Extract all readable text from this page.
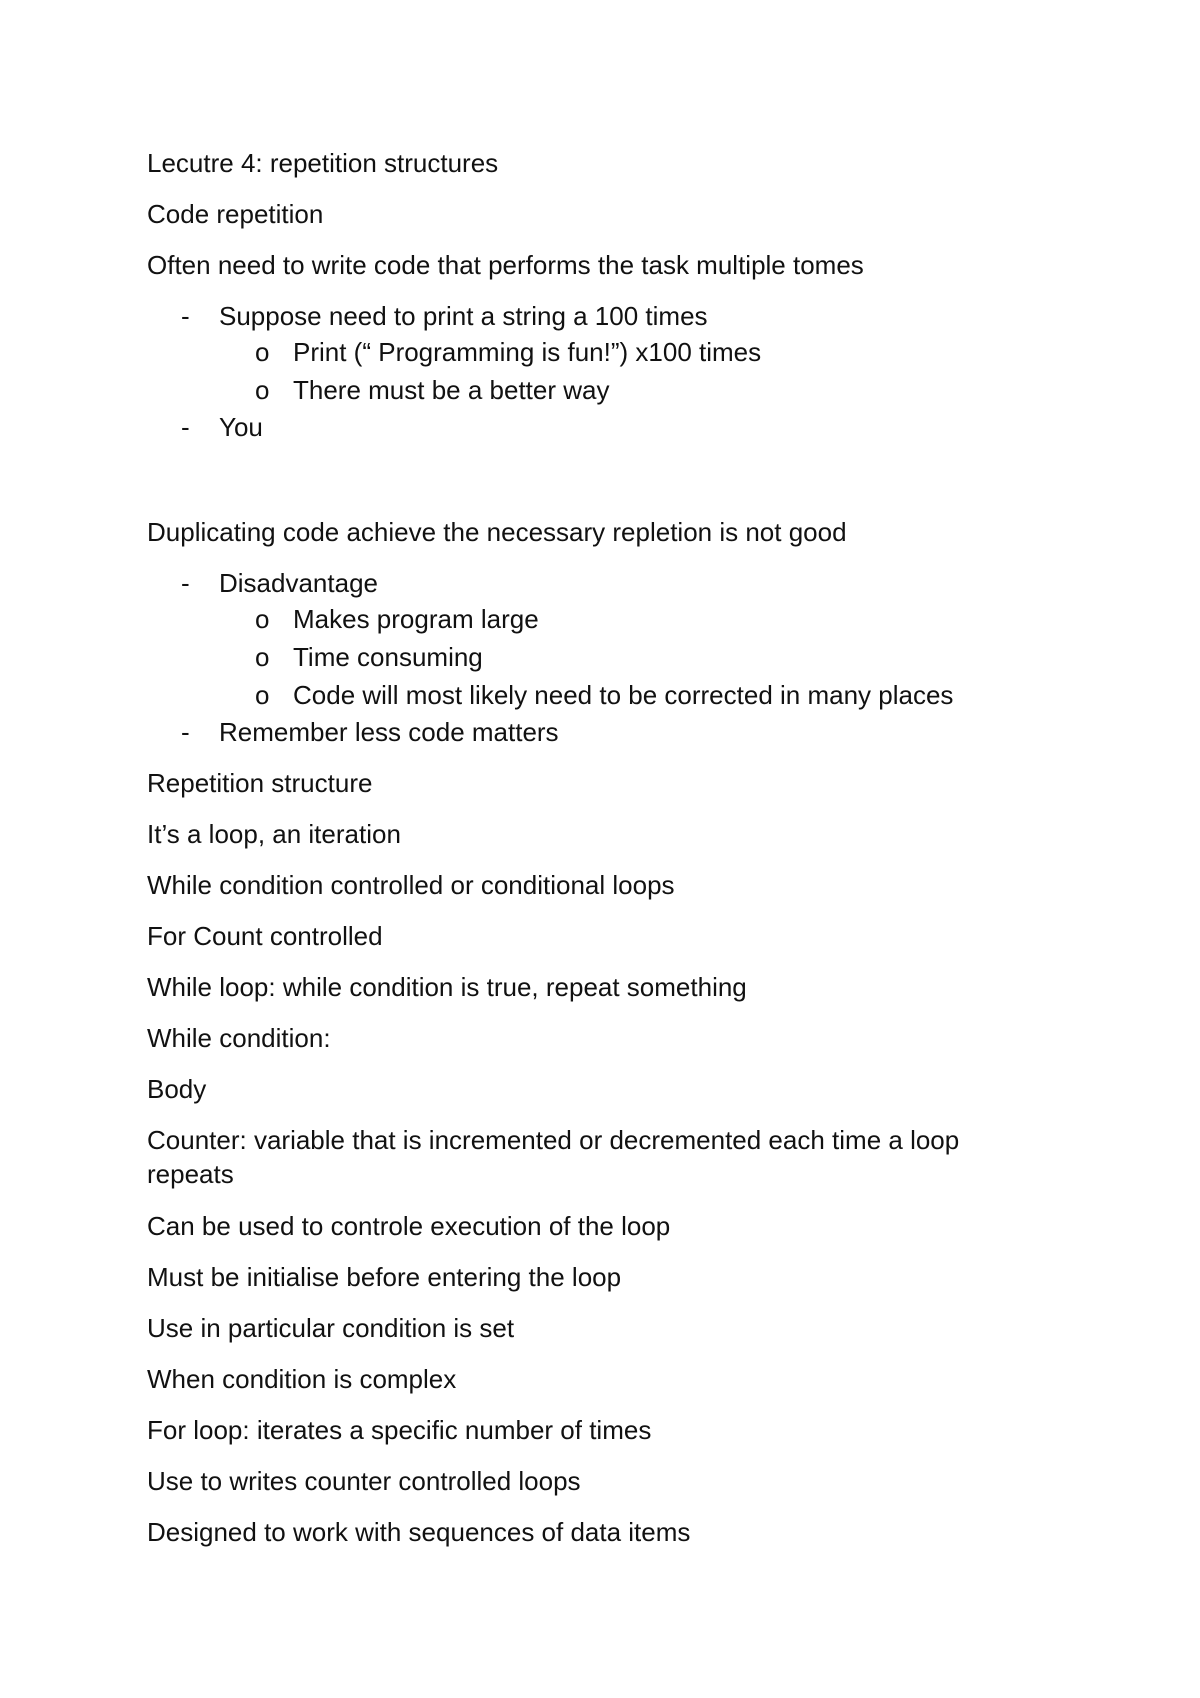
Lecutre 4: repetition structures
Code repetition
Often need to write code that performs the task multiple tomes
- Suppose need to print a string a 100 times
o Print (“ Programming is fun!”) x100 times
o There must be a better way
- You
Duplicating code achieve the necessary repletion is not good
- Disadvantage
o Makes program large
o Time consuming
o Code will most likely need to be corrected in many places
- Remember less code matters
Repetition structure
It’s a loop, an iteration
While condition controlled or conditional loops
For Count controlled
While loop: while condition is true, repeat something
While condition:
Body
Counter: variable that is incremented or decremented each time a loop repeats
Can be used to controle execution of the loop
Must be initialise before entering the loop
Use in particular condition is set
When condition is complex
For loop: iterates a specific number of times
Use to writes counter controlled loops
Designed to work with sequences of data items
